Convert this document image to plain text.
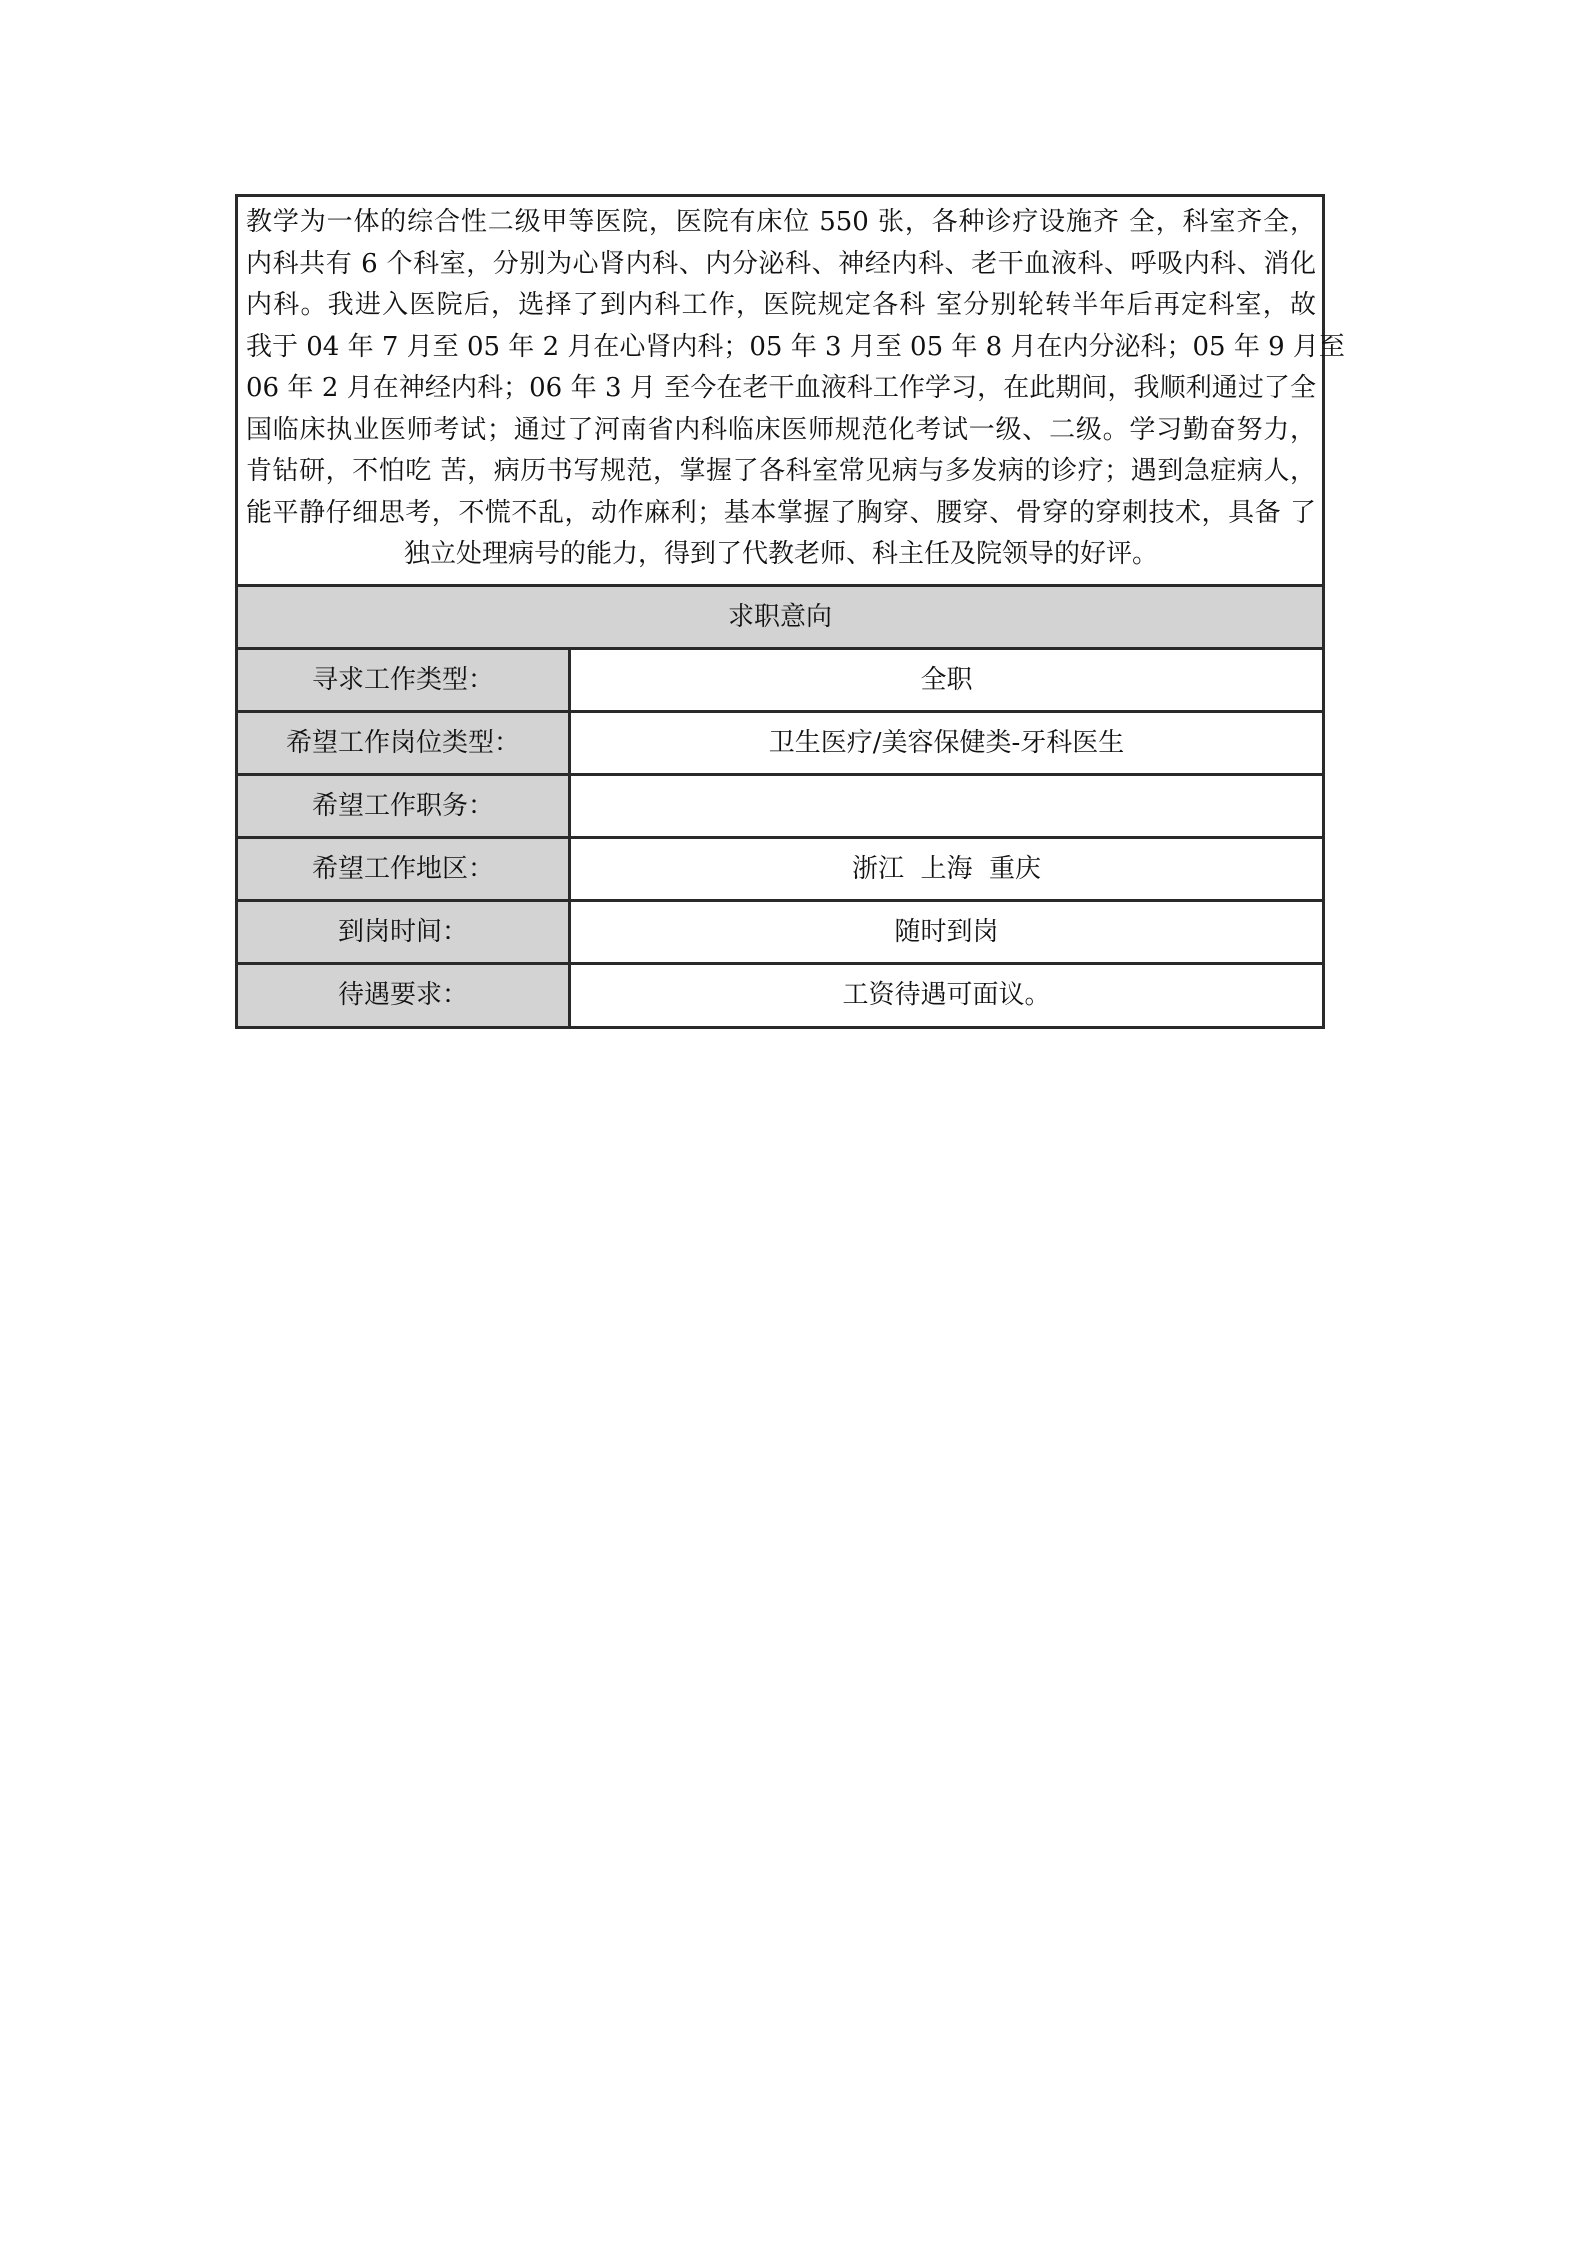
教学为一体的综合性二级甲等医院，医院有床位 550 张，各种诊疗设施齐 全，科室齐全，
内科共有 6 个科室，分别为心肾内科、内分泌科、神经内科、老干血液科、呼吸内科、消化
内科。我进入医院后，选择了到内科工作，医院规定各科 室分别轮转半年后再定科室，故
我于 04 年 7 月至 05 年 2 月在心肾内科；05 年 3 月至 05 年 8 月在内分泌科；05 年 9 月至
06 年 2 月在神经内科；06 年 3 月 至今在老干血液科工作学习，在此期间，我顺利通过了全
国临床执业医师考试；通过了河南省内科临床医师规范化考试一级、二级。学习勤奋努力，
肯钻研，不怕吃 苦，病历书写规范，掌握了各科室常见病与多发病的诊疗；遇到急症病人，
能平静仔细思考，不慌不乱，动作麻利；基本掌握了胸穿、腰穿、骨穿的穿刺技术，具备 了
独立处理病号的能力，得到了代教老师、科主任及院领导的好评。
求职意向
寻求工作类型：	全职
希望工作岗位类型：	卫生医疗/美容保健类-牙科医生
希望工作职务：
希望工作地区：	浙江  上海  重庆
到岗时间：	随时到岗
待遇要求：	工资待遇可面议。
